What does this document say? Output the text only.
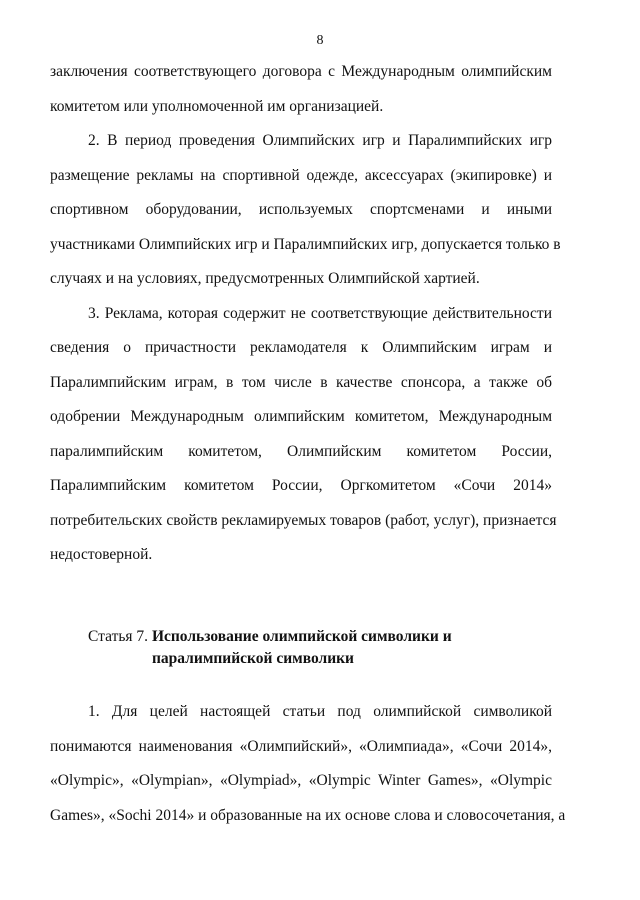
8
заключения соответствующего договора с Международным олимпийским
комитетом или уполномоченной им организацией.
2. В период проведения Олимпийских игр и Паралимпийских игр
размещение рекламы на спортивной одежде, аксессуарах (экипировке) и
спортивном оборудовании, используемых спортсменами и иными
участниками Олимпийских игр и Паралимпийских игр, допускается только в
случаях и на условиях, предусмотренных Олимпийской хартией.
3. Реклама, которая содержит не соответствующие действительности
сведения о причастности рекламодателя к Олимпийским играм и
Паралимпийским играм, в том числе в качестве спонсора, а также об
одобрении Международным олимпийским комитетом, Международным
паралимпийским комитетом, Олимпийским комитетом России,
Паралимпийским комитетом России, Оргкомитетом «Сочи 2014»
потребительских свойств рекламируемых товаров (работ, услуг), признается
недостоверной.
Статья 7. Использование олимпийской символики и
паралимпийской символики
1. Для целей настоящей статьи под олимпийской символикой
понимаются наименования «Олимпийский», «Олимпиада», «Сочи 2014»,
«Olympic», «Olympian», «Olympiad», «Olympic Winter Games», «Olympic
Games», «Sochi 2014» и образованные на их основе слова и словосочетания, а
